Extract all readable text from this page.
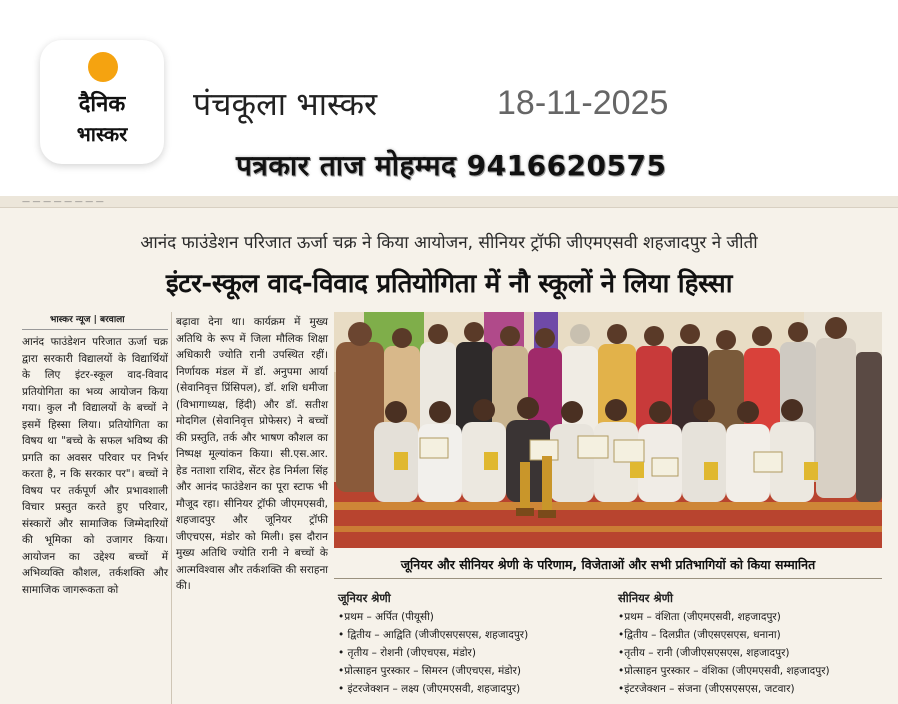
दैनिक
भास्कर
पंचकूला भास्कर	18-11-2025
पत्रकार ताज मोहम्मद 9416620575
— — — — — — — —
आनंद फाउंडेशन परिजात ऊर्जा चक्र ने किया आयोजन, सीनियर ट्रॉफी जीएमएसवी शहजादपुर ने जीती
इंटर-स्कूल वाद-विवाद प्रतियोगिता में नौ स्कूलों ने लिया हिस्सा
भास्कर न्यूज | बरवाला
आनंद फाउंडेशन परिजात ऊर्जा चक्र द्वारा सरकारी विद्यालयों के विद्यार्थियों के लिए इंटर-स्कूल वाद-विवाद प्रतियोगिता का भव्य आयोजन किया गया। कुल नौ विद्यालयों के बच्चों ने इसमें हिस्सा लिया। प्रतियोगिता का विषय था "बच्चे के सफल भविष्य की प्रगति का अवसर परिवार पर निर्भर करता है, न कि सरकार पर"। बच्चों ने विषय पर तर्कपूर्ण और प्रभावशाली विचार प्रस्तुत करते हुए परिवार, संस्कारों और सामाजिक जिम्मेदारियों की भूमिका को उजागर किया। आयोजन का उद्देश्य बच्चों में अभिव्यक्ति कौशल, तर्कशक्ति और सामाजिक जागरूकता को
बढ़ावा देना था। कार्यक्रम में मुख्य अतिथि के रूप में जिला मौलिक शिक्षा अधिकारी ज्योति रानी उपस्थित रहीं। निर्णायक मंडल में डॉ. अनुपमा आर्या (सेवानिवृत्त प्रिंसिपल), डॉ. शशि धमीजा (विभागाध्यक्ष, हिंदी) और डॉ. सतीश मोदगिल (सेवानिवृत्त प्रोफेसर) ने बच्चों की प्रस्तुति, तर्क और भाषण कौशल का निष्पक्ष मूल्यांकन किया। सी.एस.आर. हेड नताशा राशिद, सेंटर हेड निर्मला सिंह और आनंद फाउंडेशन का पूरा स्टाफ भी मौजूद रहा। सीनियर ट्रॉफी जीएमएसवी, शहजादपुर और जूनियर ट्रॉफी जीएचएस, मंडोर को मिली। इस दौरान मुख्य अतिथि ज्योति रानी ने बच्चों के आत्मविश्वास और तर्कशक्ति की सराहना की।
जूनियर और सीनियर श्रेणी के परिणाम, विजेताओं और सभी प्रतिभागियों को किया सम्मानित
जूनियर श्रेणी
•प्रथम – अर्पित (पीयूसी)
• द्वितीय – आद्विति (जीजीएसएसएस, शहजादपुर)
• तृतीय – रोशनी (जीएचएस, मंडोर)
•प्रोत्साहन पुरस्कार – सिमरन (जीएचएस, मंडोर)
• इंटरजेक्शन – लक्ष्य (जीएमएसवी, शहजादपुर)
सीनियर श्रेणी
•प्रथम – वंशिता (जीएमएसवी, शहजादपुर)
•द्वितीय – दिलप्रीत (जीएसएसएस, धनाना)
•तृतीय – रानी (जीजीएसएसएस, शहजादपुर)
•प्रोत्साहन पुरस्कार – वंशिका (जीएमएसवी, शहजादपुर)
•इंटरजेक्शन – संजना (जीएसएसएस, जटवार)
